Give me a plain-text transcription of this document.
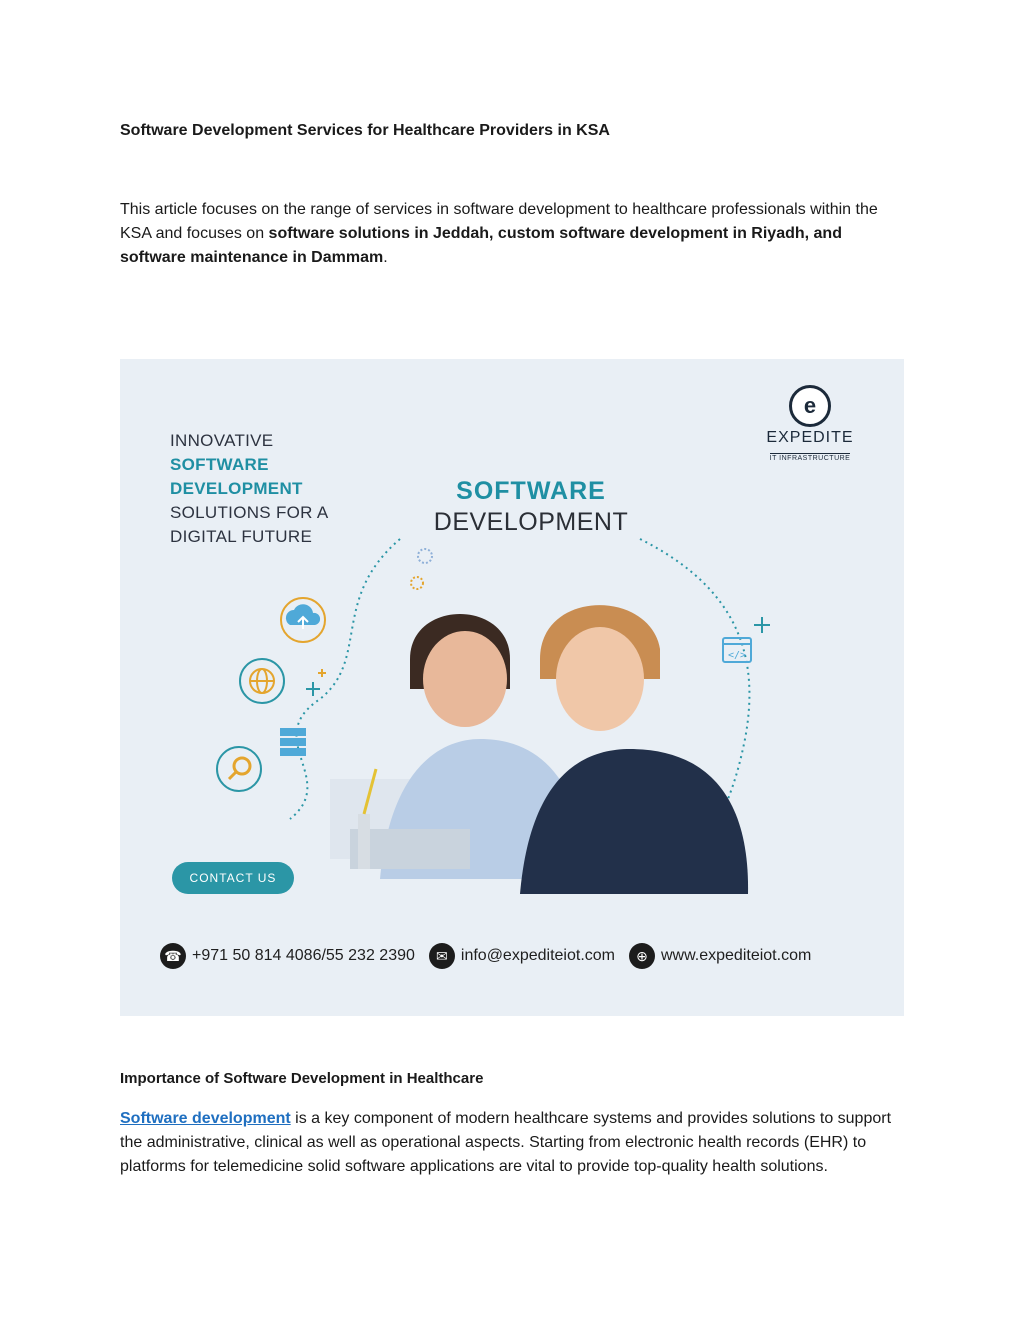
Software Development Services for Healthcare Providers in KSA

This article focuses on the range of services in software development to healthcare professionals within the KSA and focuses on software solutions in Jeddah, custom software development in Riyadh, and software maintenance in Dammam.

</>
INNOVATIVE
SOFTWARE
DEVELOPMENT
SOLUTIONS FOR A
DIGITAL FUTURE
SOFTWARE
DEVELOPMENT
e
EXPEDITE
IT INFRASTRUCTURE
CONTACT US
☎ +971 50 814 4086/55 232 2390	✉ info@expediteiot.com	⊕ www.expediteiot.com
Importance of Software Development in Healthcare

Software development is a key component of modern healthcare systems and provides solutions to support the administrative, clinical as well as operational aspects. Starting from electronic health records (EHR) to platforms for telemedicine solid software applications are vital to provide top-quality health solutions.
